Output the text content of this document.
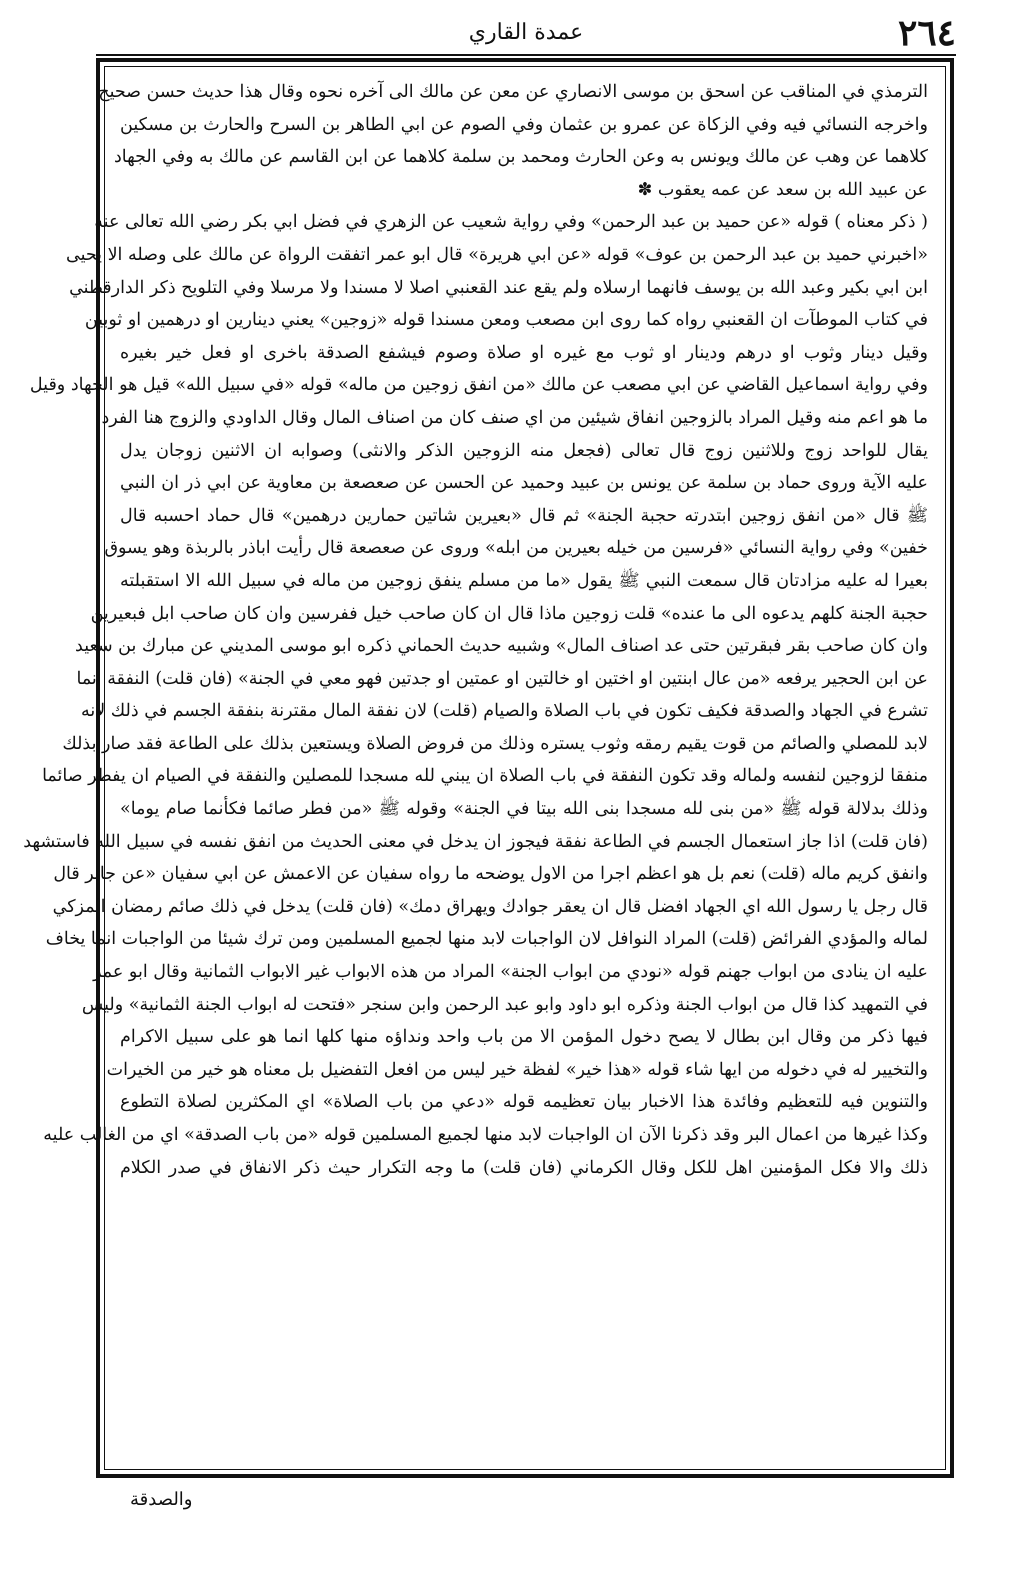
٢٦٤
عمدة القاري
الترمذي في المناقب عن اسحق بن موسى الانصاري عن معن عن مالك الى آخره نحوه وقال هذا حديث حسن صحيح
واخرجه النسائي فيه وفي الزكاة عن عمرو بن عثمان وفي الصوم عن ابي الطاهر بن السرح والحارث بن مسكين
كلاهما عن وهب عن مالك ويونس به وعن الحارث ومحمد بن سلمة كلاهما عن ابن القاسم عن مالك به وفي الجهاد
عن عبيد الله بن سعد عن عمه يعقوب ✽
( ذكر معناه ) قوله «عن حميد بن عبد الرحمن» وفي رواية شعيب عن الزهري في فضل ابي بكر رضي الله تعالى عنه
«اخبرني حميد بن عبد الرحمن بن عوف» قوله «عن ابي هريرة» قال ابو عمر اتفقت الرواة عن مالك على وصله الا يحيى
ابن ابي بكير وعبد الله بن يوسف فانهما ارسلاه ولم يقع عند القعنبي اصلا لا مسندا ولا مرسلا وفي التلويح ذكر الدارقطني
في كتاب الموطآت ان القعنبي رواه كما روى ابن مصعب ومعن مسندا قوله «زوجين» يعني دينارين او درهمين او ثوبين
وقيل دينار وثوب او درهم ودينار او ثوب مع غيره او صلاة وصوم فيشفع الصدقة باخرى او فعل خير بغيره
وفي رواية اسماعيل القاضي عن ابي مصعب عن مالك «من انفق زوجين من ماله» قوله «في سبيل الله» قيل هو الجهاد وقيل
ما هو اعم منه وقيل المراد بالزوجين انفاق شيئين من اي صنف كان من اصناف المال وقال الداودي والزوج هنا الفرد
يقال للواحد زوج وللاثنين زوج قال تعالى (فجعل منه الزوجين الذكر والانثى) وصوابه ان الاثنين زوجان يدل
عليه الآية وروى حماد بن سلمة عن يونس بن عبيد وحميد عن الحسن عن صعصعة بن معاوية عن ابي ذر ان النبي
ﷺ قال «من انفق زوجين ابتدرته حجبة الجنة» ثم قال «بعيرين شاتين حمارين درهمين» قال حماد احسبه قال
خفين» وفي رواية النسائي «فرسين من خيله بعيرين من ابله» وروى عن صعصعة قال رأيت اباذر بالربذة وهو يسوق
بعيرا له عليه مزادتان قال سمعت النبي ﷺ يقول «ما من مسلم ينفق زوجين من ماله في سبيل الله الا استقبلته
حجبة الجنة كلهم يدعوه الى ما عنده» قلت زوجين ماذا قال ان كان صاحب خيل ففرسين وان كان صاحب ابل فبعيرين
وان كان صاحب بقر فبقرتين حتى عد اصناف المال» وشبيه حديث الحماني ذكره ابو موسى المديني عن مبارك بن سعيد
عن ابن الحجير يرفعه «من عال ابنتين او اختين او خالتين او عمتين او جدتين فهو معي في الجنة» (فان قلت) النفقة انما
تشرع في الجهاد والصدقة فكيف تكون في باب الصلاة والصيام (قلت) لان نفقة المال مقترنة بنفقة الجسم في ذلك لانه
لابد للمصلي والصائم من قوت يقيم رمقه وثوب يستره وذلك من فروض الصلاة ويستعين بذلك على الطاعة فقد صار بذلك
منفقا لزوجين لنفسه ولماله وقد تكون النفقة في باب الصلاة ان يبني لله مسجدا للمصلين والنفقة في الصيام ان يفطر صائما
وذلك بدلالة قوله ﷺ «من بنى لله مسجدا بنى الله بيتا في الجنة» وقوله ﷺ «من فطر صائما فكأنما صام يوما»
(فان قلت) اذا جاز استعمال الجسم في الطاعة نفقة فيجوز ان يدخل في معنى الحديث من انفق نفسه في سبيل الله فاستشهد
وانفق كريم ماله (قلت) نعم بل هو اعظم اجرا من الاول يوضحه ما رواه سفيان عن الاعمش عن ابي سفيان «عن جابر قال
قال رجل يا رسول الله اي الجهاد افضل قال ان يعقر جوادك ويهراق دمك» (فان قلت) يدخل في ذلك صائم رمضان المزكي
لماله والمؤدي الفرائض (قلت) المراد النوافل لان الواجبات لابد منها لجميع المسلمين ومن ترك شيئا من الواجبات انما يخاف
عليه ان ينادى من ابواب جهنم قوله «نودي من ابواب الجنة» المراد من هذه الابواب غير الابواب الثمانية وقال ابو عمر
في التمهيد كذا قال من ابواب الجنة وذكره ابو داود وابو عبد الرحمن وابن سنجر «فتحت له ابواب الجنة الثمانية» وليس
فيها ذكر من وقال ابن بطال لا يصح دخول المؤمن الا من باب واحد ونداؤه منها كلها انما هو على سبيل الاكرام
والتخيير له في دخوله من ايها شاء قوله «هذا خير» لفظة خير ليس من افعل التفضيل بل معناه هو خير من الخيرات
والتنوين فيه للتعظيم وفائدة هذا الاخبار بيان تعظيمه قوله «دعي من باب الصلاة» اي المكثرين لصلاة التطوع
وكذا غيرها من اعمال البر وقد ذكرنا الآن ان الواجبات لابد منها لجميع المسلمين قوله «من باب الصدقة» اي من الغالب عليه
ذلك والا فكل المؤمنين اهل للكل وقال الكرماني (فان قلت) ما وجه التكرار حيث ذكر الانفاق في صدر الكلام
والصدقة
